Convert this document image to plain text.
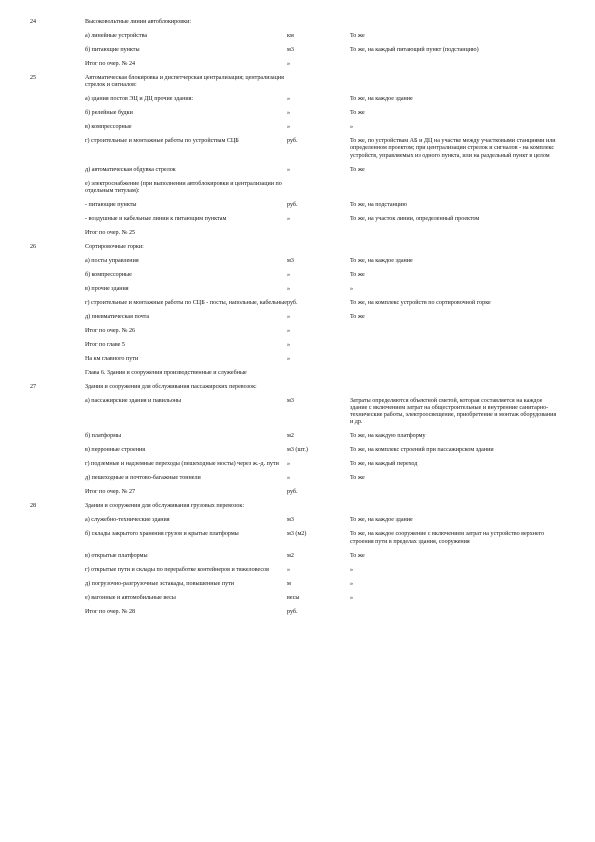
24	Высоковольтные линии автоблокировки:
а) линейные устройства	км	То же
б) питающие пункты	м3	То же, на каждый питающий пункт (подстанцию)
Итог по очер. № 24	»
25	Автоматическая блокировка и диспетчерская централизация; централизация стрелок и сигналов:
а) здания постов ЭЦ и ДЦ прочие здания:	»	То же, на каждое здание
б) релейные будки	»	То же
в) компрессорные	»	»
г) строительные и монтажные работы по устройствам СЦБ	руб.	То же, по устройствам АБ и ДЦ на участке между участковыми станциями или определенном проектом; при централизации стрелок и сигналов - на комплекс устройств, управляемых из одного пункта, или на раздельный пункт в целом
д) автоматическая обдувка стрелок	»	То же
е) электроснабжение (при выполнении автоблокировки и централизации по отдельным титулам):
- питающие пункты	руб.	То же, на подстанцию
- воздушные и кабельные линии к питающим пунктам	»	То же, на участок линии, определенный проектом
Итог по очер. № 25
26	Сортировочные горки:
а) посты управления	м3	То же, на каждое здание
б) компрессорные	»	То же
в) прочие здания	»	»
г) строительные и монтажные работы по СЦБ - посты, напольные, кабельные руб.	То же, на комплекс устройств по сортировочной горке
д) пневматическая почта	»	То же
Итог по очер. № 26	»
Итог по главе 5	»
На км главного пути	»
Глава 6. Здания и сооружения производственные и служебные
27	Здания и сооружения для обслуживания пассажирских перевозок:
а) пассажирские здания и павильоны	м3	Затраты определяются объектной сметой, которая составляется на каждое здание с включением затрат на общестроительные и внутренние санитарно-технические работы, электроосвещение, приобретение и монтаж оборудования и др.
б) платформы	м2	То же, на каждую платформу
в) перронные строения	м3 (шт.)	То же, на комплекс строений при пассажирском здании
г) подземные и надземные переходы (пешеходные мосты) через ж.-д. пути	»	То же, на каждый переход
д) пешеходные и почтово-багажные тоннели	»	То же
Итог по очер. № 27	руб.
28	Здания и сооружения для обслуживания грузовых перевозок:
а) служебно-технические здания	м3	То же, на каждое здание
б) склады закрытого хранения грузов и крытые платформы	м3 (м2)	То же, на каждое сооружение с включением затрат на устройство верхнего строения пути в пределах здания, сооружения
в) открытые платформы	м2	То же
г) открытые пути и склады по переработке контейнеров и тяжеловесов	»	»
д) погрузочно-разгрузочные эстакады, повышенные пути	м	»
е) вагонные и автомобильные весы	весы	»
Итог по очер. № 28	руб.
